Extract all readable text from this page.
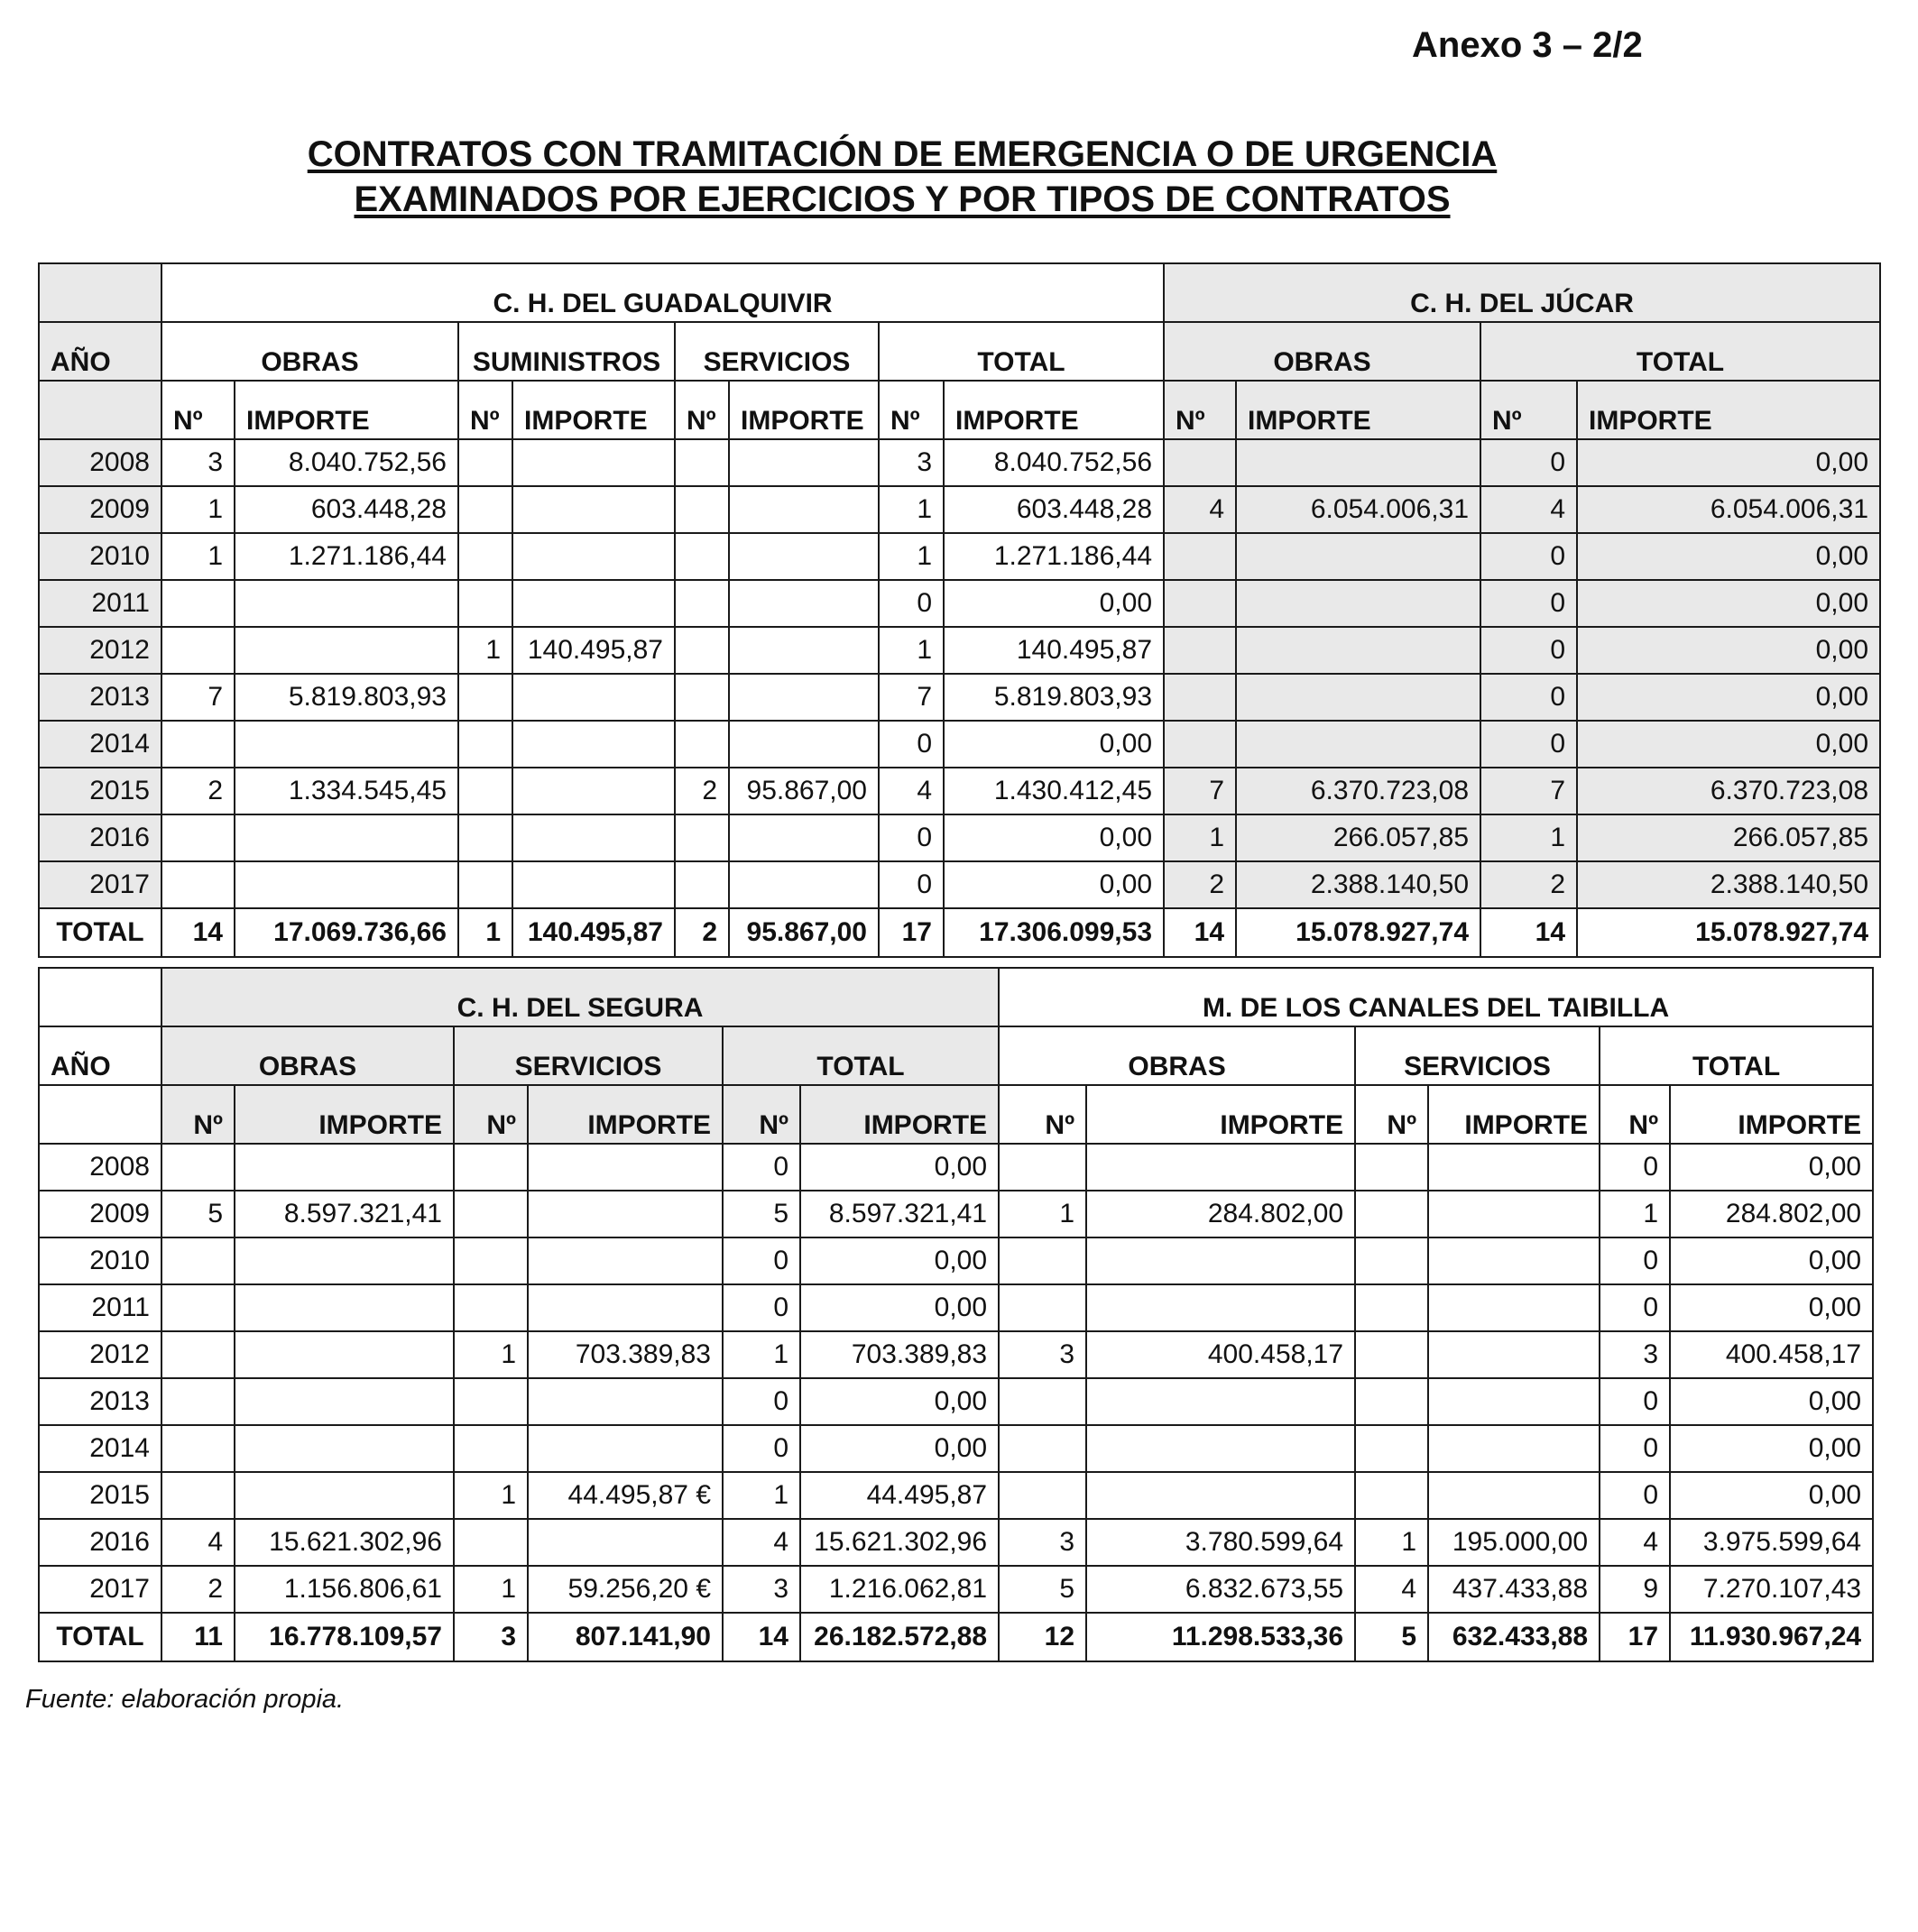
Anexo 3 – 2/2
CONTRATOS CON TRAMITACIÓN DE EMERGENCIA O DE URGENCIA
EXAMINADOS POR EJERCICIOS Y POR TIPOS DE CONTRATOS
	C. H. DEL GUADALQUIVIR								C. H. DEL JÚCAR			
AÑO	OBRAS		SUMINISTROS		SERVICIOS		TOTAL		OBRAS		TOTAL	
	Nº	IMPORTE	Nº	IMPORTE	Nº	IMPORTE	Nº	IMPORTE	Nº	IMPORTE	Nº	IMPORTE
2008	3	8.040.752,56					3	8.040.752,56			0	0,00
2009	1	603.448,28					1	603.448,28	4	6.054.006,31	4	6.054.006,31
2010	1	1.271.186,44					1	1.271.186,44			0	0,00
2011							0	0,00			0	0,00
2012			1	140.495,87			1	140.495,87			0	0,00
2013	7	5.819.803,93					7	5.819.803,93			0	0,00
2014							0	0,00			0	0,00
2015	2	1.334.545,45			2	95.867,00	4	1.430.412,45	7	6.370.723,08	7	6.370.723,08
2016							0	0,00	1	266.057,85	1	266.057,85
2017							0	0,00	2	2.388.140,50	2	2.388.140,50
TOTAL	14	17.069.736,66	1	140.495,87	2	95.867,00	17	17.306.099,53	14	15.078.927,74	14	15.078.927,74
	C. H. DEL SEGURA						M. DE LOS CANALES DEL TAIBILLA					
AÑO	OBRAS		SERVICIOS		TOTAL		OBRAS		SERVICIOS		TOTAL	
	Nº	IMPORTE	Nº	IMPORTE	Nº	IMPORTE	Nº	IMPORTE	Nº	IMPORTE	Nº	IMPORTE
2008					0	0,00					0	0,00
2009	5	8.597.321,41			5	8.597.321,41	1	284.802,00			1	284.802,00
2010					0	0,00					0	0,00
2011					0	0,00					0	0,00
2012			1	703.389,83	1	703.389,83	3	400.458,17			3	400.458,17
2013					0	0,00					0	0,00
2014					0	0,00					0	0,00
2015			1	44.495,87 €	1	44.495,87					0	0,00
2016	4	15.621.302,96			4	15.621.302,96	3	3.780.599,64	1	195.000,00	4	3.975.599,64
2017	2	1.156.806,61	1	59.256,20 €	3	1.216.062,81	5	6.832.673,55	4	437.433,88	9	7.270.107,43
TOTAL	11	16.778.109,57	3	807.141,90	14	26.182.572,88	12	11.298.533,36	5	632.433,88	17	11.930.967,24
Fuente: elaboración propia.
